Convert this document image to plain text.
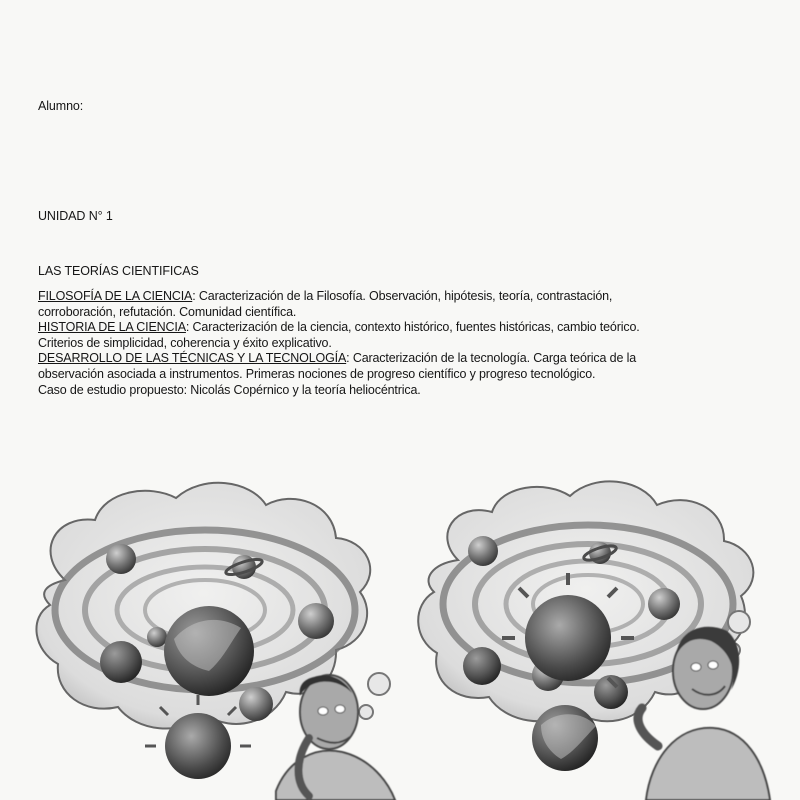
Alumno:
UNIDAD N° 1
LAS TEORÍAS CIENTIFICAS
FILOSOFÍA DE LA CIENCIA: Caracterización de la Filosofía. Observación, hipótesis, teoría, contrastación,
corroboración, refutación. Comunidad científica.
HISTORIA DE LA CIENCIA: Caracterización de la ciencia, contexto histórico, fuentes históricas, cambio teórico.
Criterios de simplicidad, coherencia y éxito explicativo.
DESARROLLO DE LAS TÉCNICAS Y LA TECNOLOGÍA: Caracterización de la tecnología. Carga teórica de la
observación asociada a instrumentos. Primeras nociones de progreso científico y progreso tecnológico.
Caso de estudio propuesto: Nicolás Copérnico y la teoría heliocéntrica.
